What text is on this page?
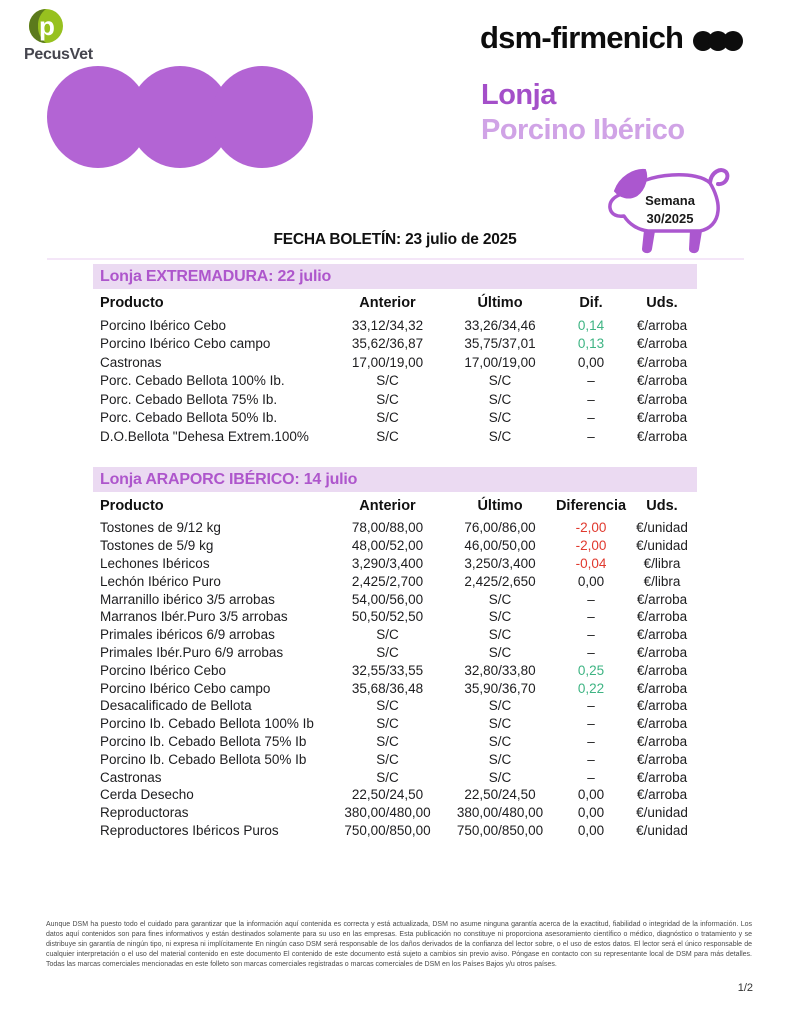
p
PecusVet	dsm-firmenich
Lonja
Porcino Ibérico
Semana
30/2025
FECHA BOLETÍN: 23 julio de 2025
Lonja EXTREMADURA: 22 julio
Producto	Anterior	Último	Dif.	Uds.
Porcino Ibérico Cebo	33,12/34,32	33,26/34,46	0,14	€/arroba
Porcino Ibérico Cebo campo	35,62/36,87	35,75/37,01	0,13	€/arroba
Castronas	17,00/19,00	17,00/19,00	0,00	€/arroba
Porc. Cebado Bellota 100% Ib.	S/C	S/C	–	€/arroba
Porc. Cebado Bellota 75% Ib.	S/C	S/C	–	€/arroba
Porc. Cebado Bellota 50% Ib.	S/C	S/C	–	€/arroba
D.O.Bellota "Dehesa Extrem.100%	S/C	S/C	–	€/arroba
Lonja ARAPORC IBÉRICO: 14 julio
Producto	Anterior	Último	Diferencia	Uds.
Tostones de 9/12 kg	78,00/88,00	76,00/86,00	-2,00	€/unidad
Tostones de 5/9 kg	48,00/52,00	46,00/50,00	-2,00	€/unidad
Lechones Ibéricos	3,290/3,400	3,250/3,400	-0,04	€/libra
Lechón Ibérico Puro	2,425/2,700	2,425/2,650	0,00	€/libra
Marranillo ibérico 3/5 arrobas	54,00/56,00	S/C	–	€/arroba
Marranos Ibér.Puro 3/5 arrobas	50,50/52,50	S/C	–	€/arroba
Primales ibéricos 6/9 arrobas	S/C	S/C	–	€/arroba
Primales Ibér.Puro 6/9 arrobas	S/C	S/C	–	€/arroba
Porcino Ibérico Cebo	32,55/33,55	32,80/33,80	0,25	€/arroba
Porcino Ibérico Cebo campo	35,68/36,48	35,90/36,70	0,22	€/arroba
Desacalificado de Bellota	S/C	S/C	–	€/arroba
Porcino Ib. Cebado Bellota 100% Ib	S/C	S/C	–	€/arroba
Porcino Ib. Cebado Bellota 75% Ib	S/C	S/C	–	€/arroba
Porcino Ib. Cebado Bellota 50% Ib	S/C	S/C	–	€/arroba
Castronas	S/C	S/C	–	€/arroba
Cerda Desecho	22,50/24,50	22,50/24,50	0,00	€/arroba
Reproductoras	380,00/480,00	380,00/480,00	0,00	€/unidad
Reproductores Ibéricos Puros	750,00/850,00	750,00/850,00	0,00	€/unidad
Aunque DSM ha puesto todo el cuidado para garantizar que la información aquí contenida es correcta y está actualizada, DSM no asume ninguna garantía acerca de la exactitud, fiabilidad o integridad de la información. Los datos aquí contenidos son para fines informativos y están destinados solamente para su uso en las empresas. Esta publicación no constituye ni proporciona asesoramiento científico o médico, diagnóstico o tratamiento y se distribuye sin garantía de ningún tipo, ni expresa ni implícitamente En ningún caso DSM será responsable de los daños derivados de la confianza del lector sobre, o el uso de estos datos. El lector será el único responsable de cualquier interpretación o el uso del material contenido en este documento El contenido de este documento está sujeto a cambios sin previo aviso. Póngase en contacto con su representante local de DSM para más detalles. Todas las marcas comerciales mencionadas en este folleto son marcas comerciales registradas o marcas comerciales de DSM en los Países Bajos y/u otros países.
1/2
